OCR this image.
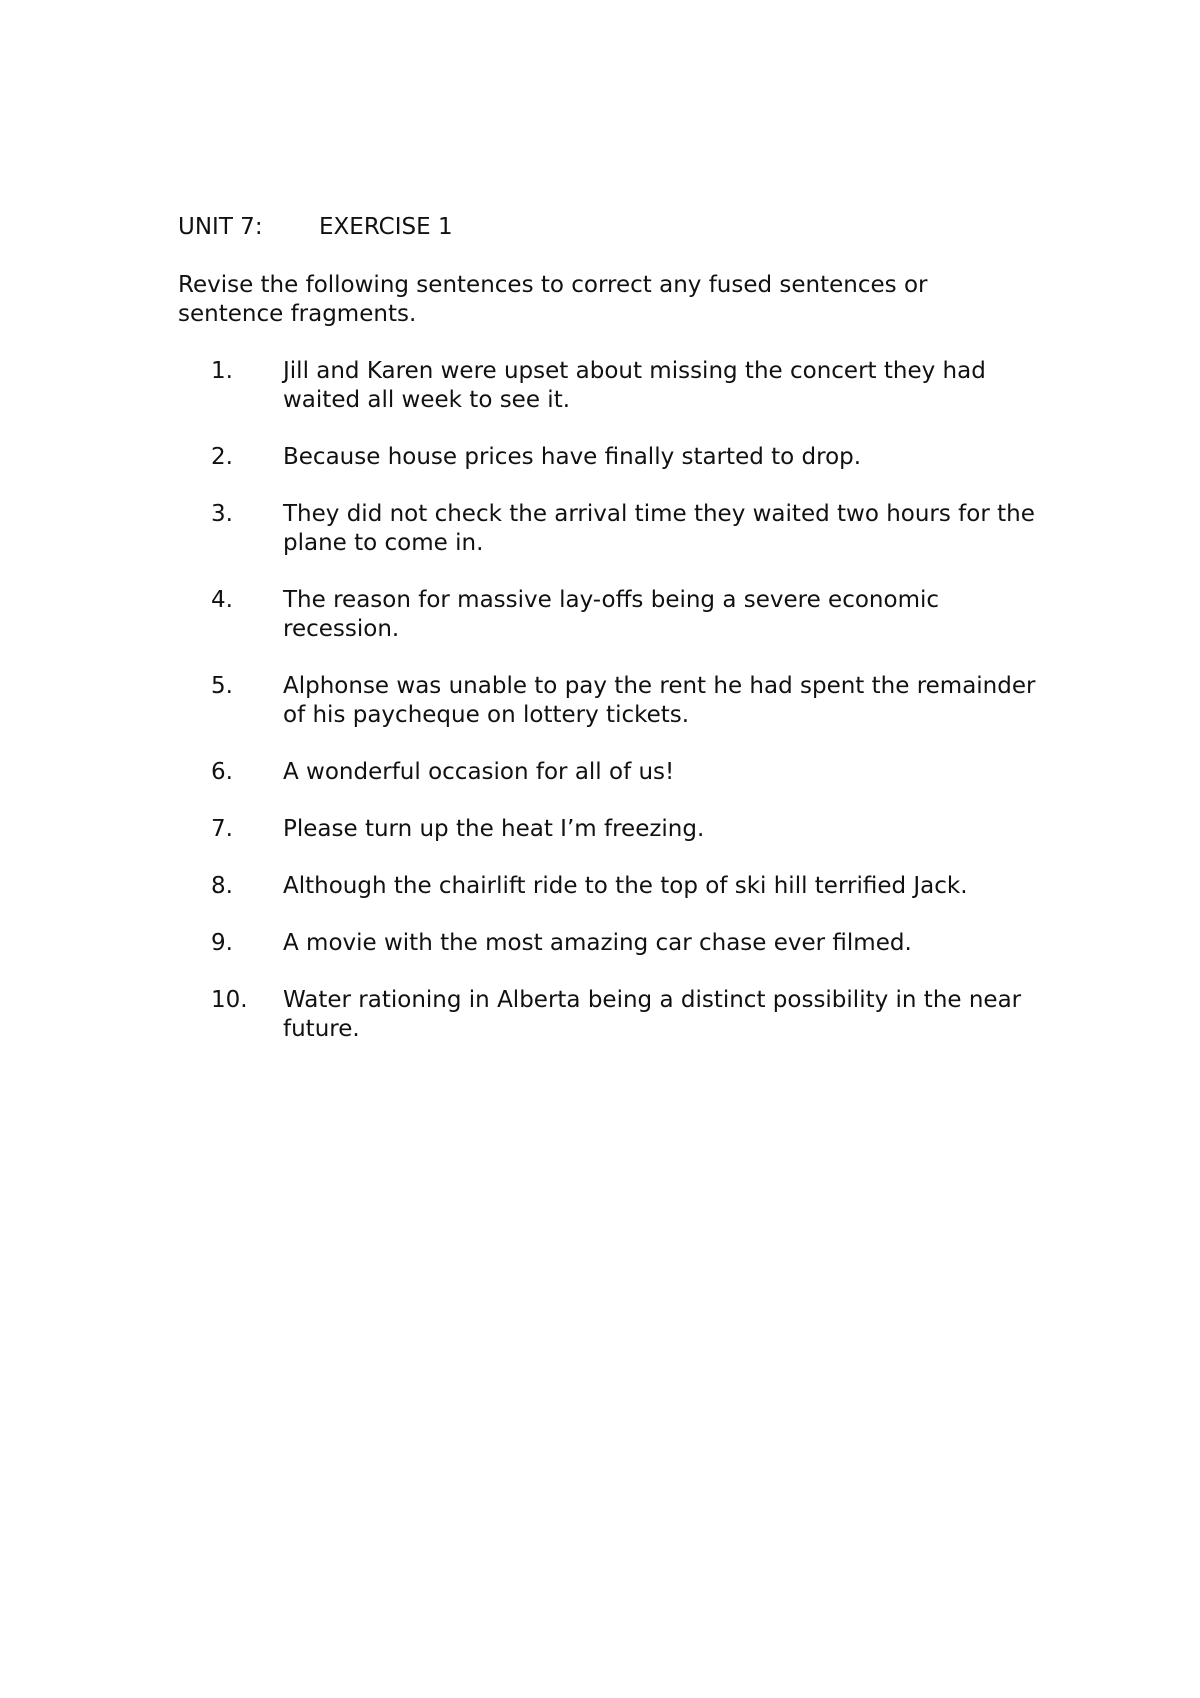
UNIT 7:	EXERCISE 1

Revise the following sentences to correct any fused sentences or sentence fragments.

1.	Jill and Karen were upset about missing the concert they had waited all week to see it.
2.	Because house prices have finally started to drop.
3.	They did not check the arrival time they waited two hours for the plane to come in.
4.	The reason for massive lay-offs being a severe economic recession.
5.	Alphonse was unable to pay the rent he had spent the remainder of his paycheque on lottery tickets.
6.	A wonderful occasion for all of us!
7.	Please turn up the heat I’m freezing.
8.	Although the chairlift ride to the top of ski hill terrified Jack.
9.	A movie with the most amazing car chase ever filmed.
10.	Water rationing in Alberta being a distinct possibility in the near future.
